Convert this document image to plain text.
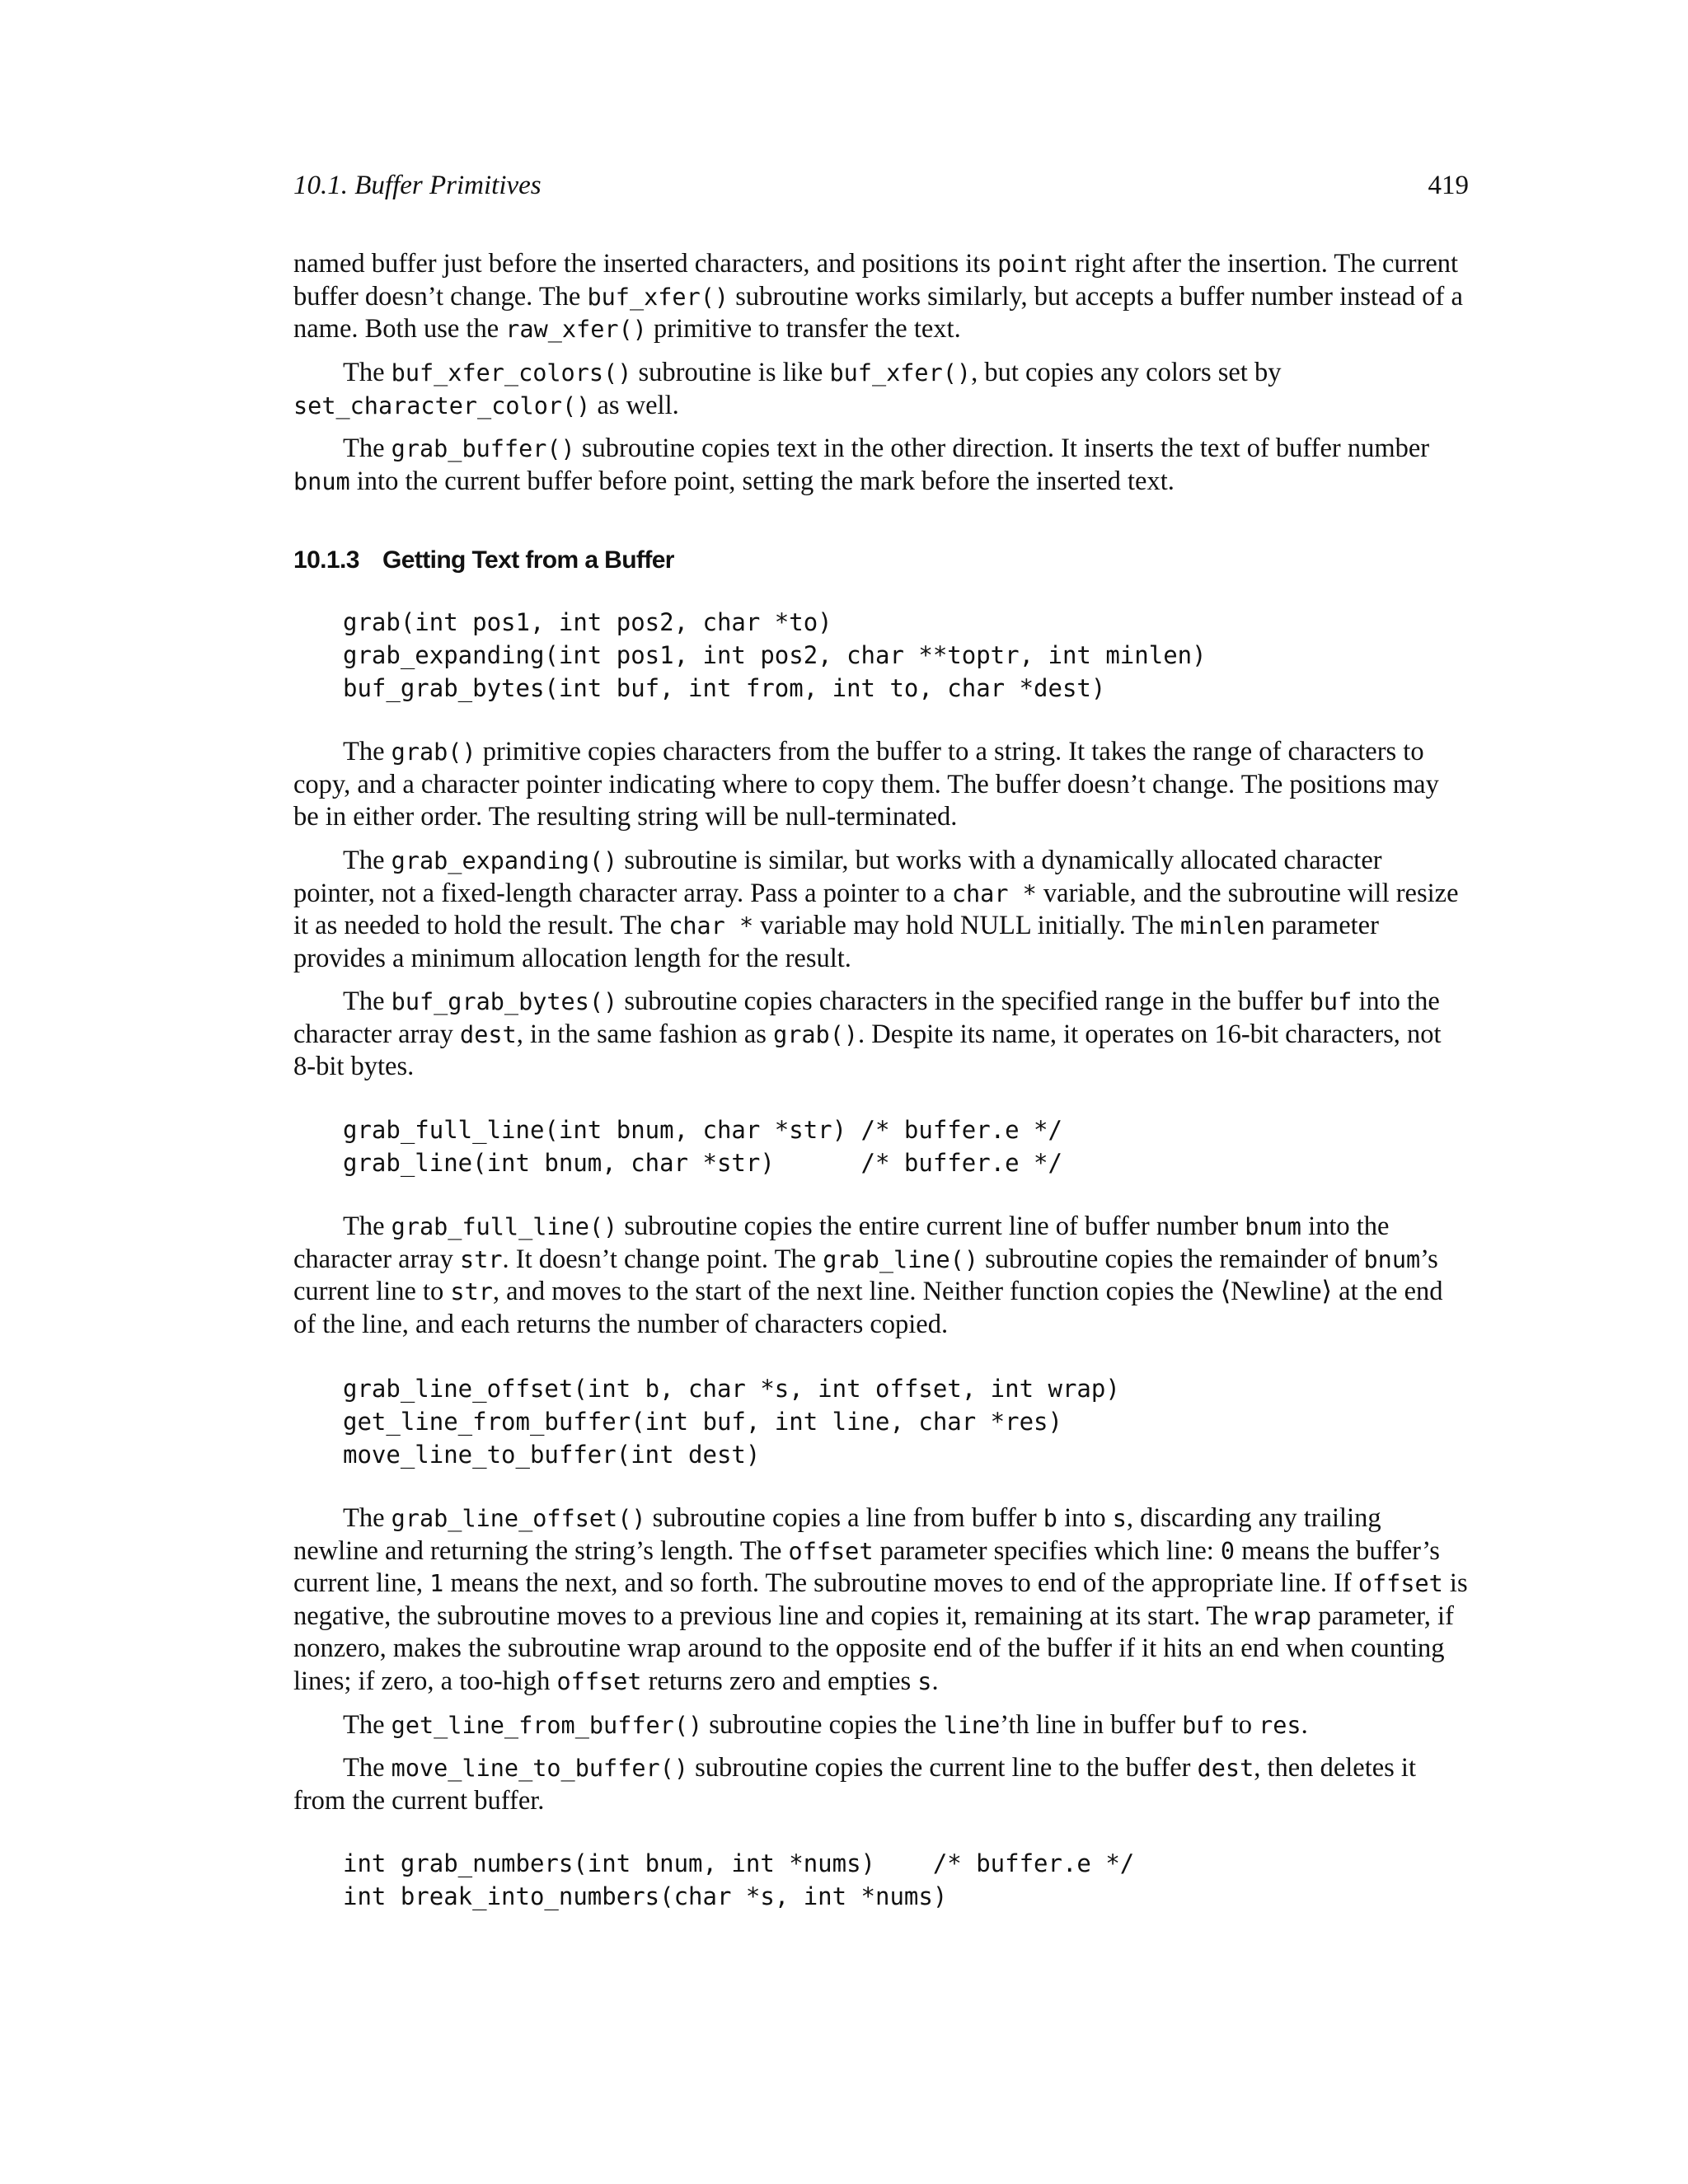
10.1. Buffer Primitives	419

named buffer just before the inserted characters, and positions its point right after the insertion. The current buffer doesn’t change. The buf_xfer() subroutine works similarly, but accepts a buffer number instead of a name. Both use the raw_xfer() primitive to transfer the text.

The buf_xfer_colors() subroutine is like buf_xfer(), but copies any colors set by
set_character_color() as well.

The grab_buffer() subroutine copies text in the other direction. It inserts the text of buffer number bnum into the current buffer before point, setting the mark before the inserted text.

10.1.3 Getting Text from a Buffer
grab(int pos1, int pos2, char *to)
grab_expanding(int pos1, int pos2, char **toptr, int minlen)
buf_grab_bytes(int buf, int from, int to, char *dest)

The grab() primitive copies characters from the buffer to a string. It takes the range of characters to copy, and a character pointer indicating where to copy them. The buffer doesn’t change. The positions may be in either order. The resulting string will be null-terminated.

The grab_expanding() subroutine is similar, but works with a dynamically allocated character pointer, not a fixed-length character array. Pass a pointer to a char * variable, and the subroutine will resize it as needed to hold the result. The char * variable may hold NULL initially. The minlen parameter provides a minimum allocation length for the result.

The buf_grab_bytes() subroutine copies characters in the specified range in the buffer buf into the character array dest, in the same fashion as grab(). Despite its name, it operates on 16-bit characters, not 8-bit bytes.

grab_full_line(int bnum, char *str) /* buffer.e */
grab_line(int bnum, char *str)      /* buffer.e */

The grab_full_line() subroutine copies the entire current line of buffer number bnum into the character array str. It doesn’t change point. The grab_line() subroutine copies the remainder of bnum’s current line to str, and moves to the start of the next line. Neither function copies the ⟨Newline⟩ at the end of the line, and each returns the number of characters copied.

grab_line_offset(int b, char *s, int offset, int wrap)
get_line_from_buffer(int buf, int line, char *res)
move_line_to_buffer(int dest)

The grab_line_offset() subroutine copies a line from buffer b into s, discarding any trailing newline and returning the string’s length. The offset parameter specifies which line: 0 means the buffer’s current line, 1 means the next, and so forth. The subroutine moves to end of the appropriate line. If offset is negative, the subroutine moves to a previous line and copies it, remaining at its start. The wrap parameter, if nonzero, makes the subroutine wrap around to the opposite end of the buffer if it hits an end when counting lines; if zero, a too-high offset returns zero and empties s.

The get_line_from_buffer() subroutine copies the line’th line in buffer buf to res.

The move_line_to_buffer() subroutine copies the current line to the buffer dest, then deletes it from the current buffer.

int grab_numbers(int bnum, int *nums)    /* buffer.e */
int break_into_numbers(char *s, int *nums)
